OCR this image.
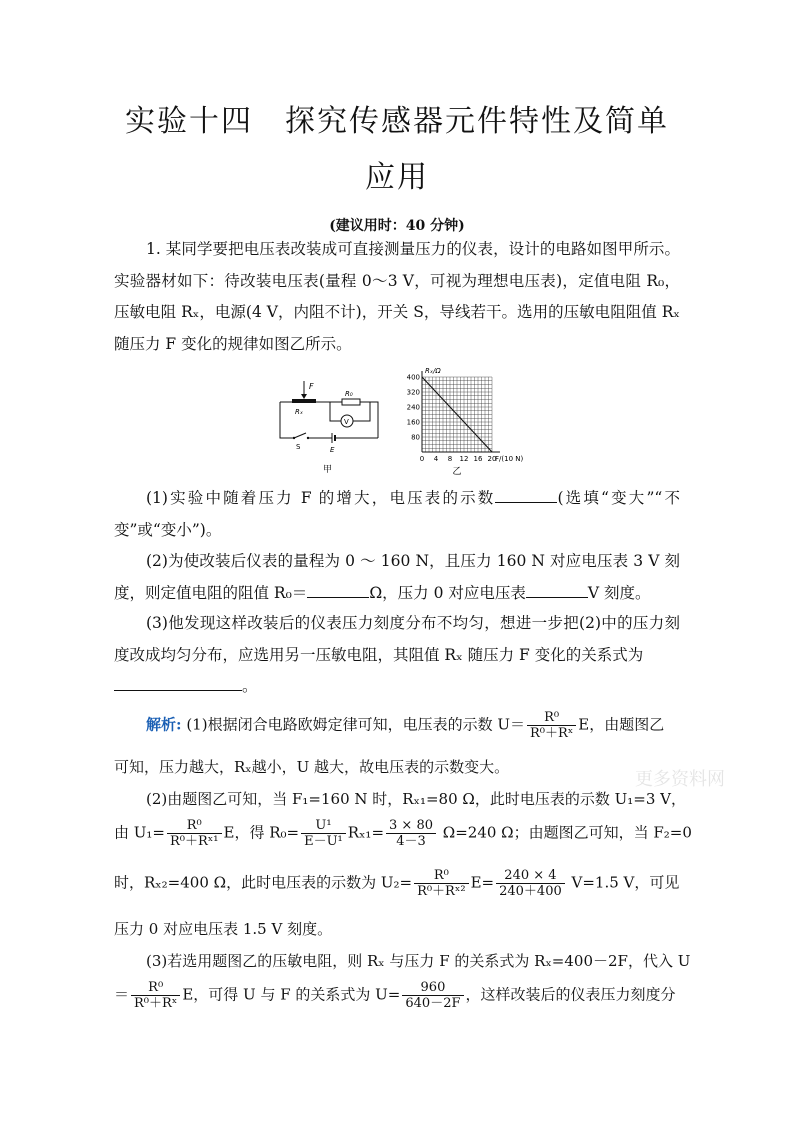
实验十四　探究传感器元件特性及简单
应用
(建议用时：40 分钟)
1. 某同学要把电压表改装成可直接测量压力的仪表，设计的电路如图甲所示。实验器材如下：待改装电压表(量程 0～3 V，可视为理想电压表)，定值电阻 R₀，压敏电阻 Rₓ，电源(4 V，内阻不计)，开关 S，导线若干。选用的压敏电阻阻值 Rₓ 随压力 F 变化的规律如图乙所示。
F
Rₓ
R₀
V
S	E
甲
80
160
240
320
400
0 4 8 12 16 20
Rₓ/Ω
F/(10 N)
乙
(1)实验中随着压力 F 的增大，电压表的示数	(选填“变大”“不变”或“变小”)。
(2)为使改装后仪表的量程为 0 ～ 160 N，且压力 160 N 对应电压表 3 V 刻度，则定值电阻的阻值 R₀＝	Ω，压力 0 对应电压表	V 刻度。
(3)他发现这样改装后的仪表压力刻度分布不均匀，想进一步把(2)中的压力刻度改成均匀分布，应选用另一压敏电阻，其阻值 Rₓ 随压力 F 变化的关系式为
。
解析: (1)根据闭合电路欧姆定律可知，电压表的示数 $U= \frac{\text{R⁰}}{\text{R⁰＋Rˣ}}$ E，由题图乙
可知，压力越大，Rₓ越小，U 越大，故电压表的示数变大。
(2)由题图乙可知，当 F₁=160 N 时，Rₓ₁=80 Ω，此时电压表的示数 U₁=3 V，
由 $U_1= \frac{\text{R⁰}}{\text{R⁰＋Rˣ¹}}$ E，得 $R_0= \frac{\text{U¹}}{\text{E－U¹}} R_{x1}= \frac{3 \times 80}{4-3} \Omega=240$ Ω；由题图乙可知，当 F₂=0
时，Rₓ₂=400 Ω，此时电压表的示数为 $U_2= \frac{\text{R⁰}}{\text{R⁰＋Rˣ²}} E= \frac{240 \times 4}{240+400} V=1.5$ V，可见
压力 0 对应电压表 1.5 V 刻度。
(3)若选用题图乙的压敏电阻，则 Rₓ 与压力 F 的关系式为 Rₓ=400－2F，代入 U
＝ $\frac{\text{R⁰}}{\text{R⁰＋Rˣ}}$ E，可得 U 与 F 的关系式为 $U= \frac{960}{640-2F}$ ，这样改装后的仪表压力刻度分
更多资料网
